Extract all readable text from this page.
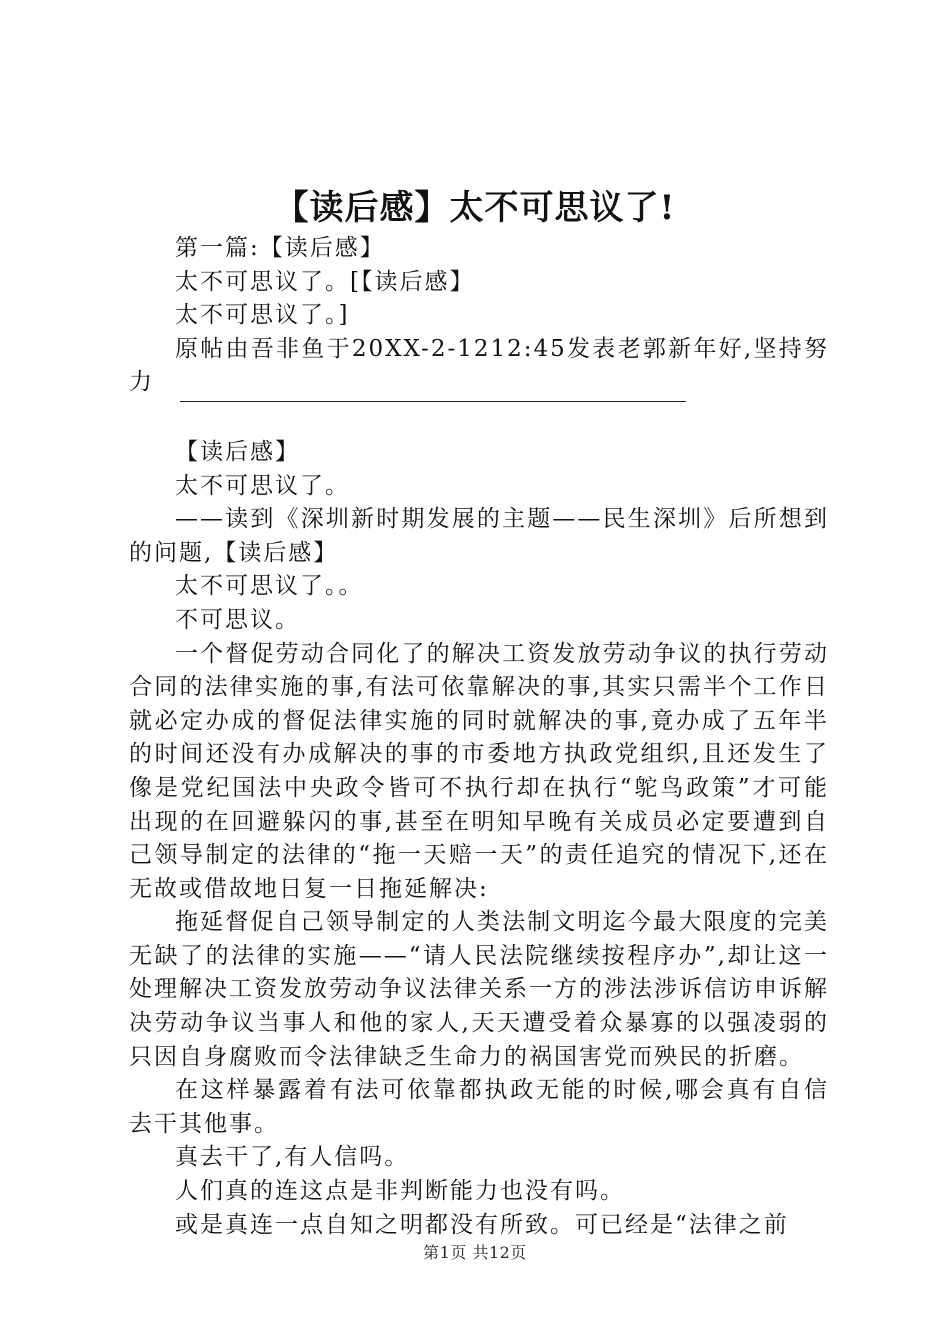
【读后感】太不可思议了!

第一篇:【读后感】

太不可思议了。[【读后感】

太不可思议了。]

原帖由吾非鱼于20XX-2-1212:45发表老郭新年好,坚持努力

【读后感】

太不可思议了。

——读到《深圳新时期发展的主题——民生深圳》后所想到的问题,【读后感】

太不可思议了。。

不可思议。

一个督促劳动合同化了的解决工资发放劳动争议的执行劳动合同的法律实施的事,有法可依靠解决的事,其实只需半个工作日就必定办成的督促法律实施的同时就解决的事,竟办成了五年半的时间还没有办成解决的事的市委地方执政党组织,且还发生了像是党纪国法中央政令皆可不执行却在执行“鸵鸟政策”才可能出现的在回避躲闪的事,甚至在明知早晚有关成员必定要遭到自己领导制定的法律的“拖一天赔一天”的责任追究的情况下,还在无故或借故地日复一日拖延解决:

拖延督促自己领导制定的人类法制文明迄今最大限度的完美无缺了的法律的实施——“请人民法院继续按程序办”,却让这一处理解决工资发放劳动争议法律关系一方的涉法涉诉信访申诉解决劳动争议当事人和他的家人,天天遭受着众暴寡的以强凌弱的只因自身腐败而令法律缺乏生命力的祸国害党而殃民的折磨。

在这样暴露着有法可依靠都执政无能的时候,哪会真有自信去干其他事。

真去干了,有人信吗。

人们真的连这点是非判断能力也没有吗。

或是真连一点自知之明都没有所致。可已经是“法律之前

第1页 共12页
